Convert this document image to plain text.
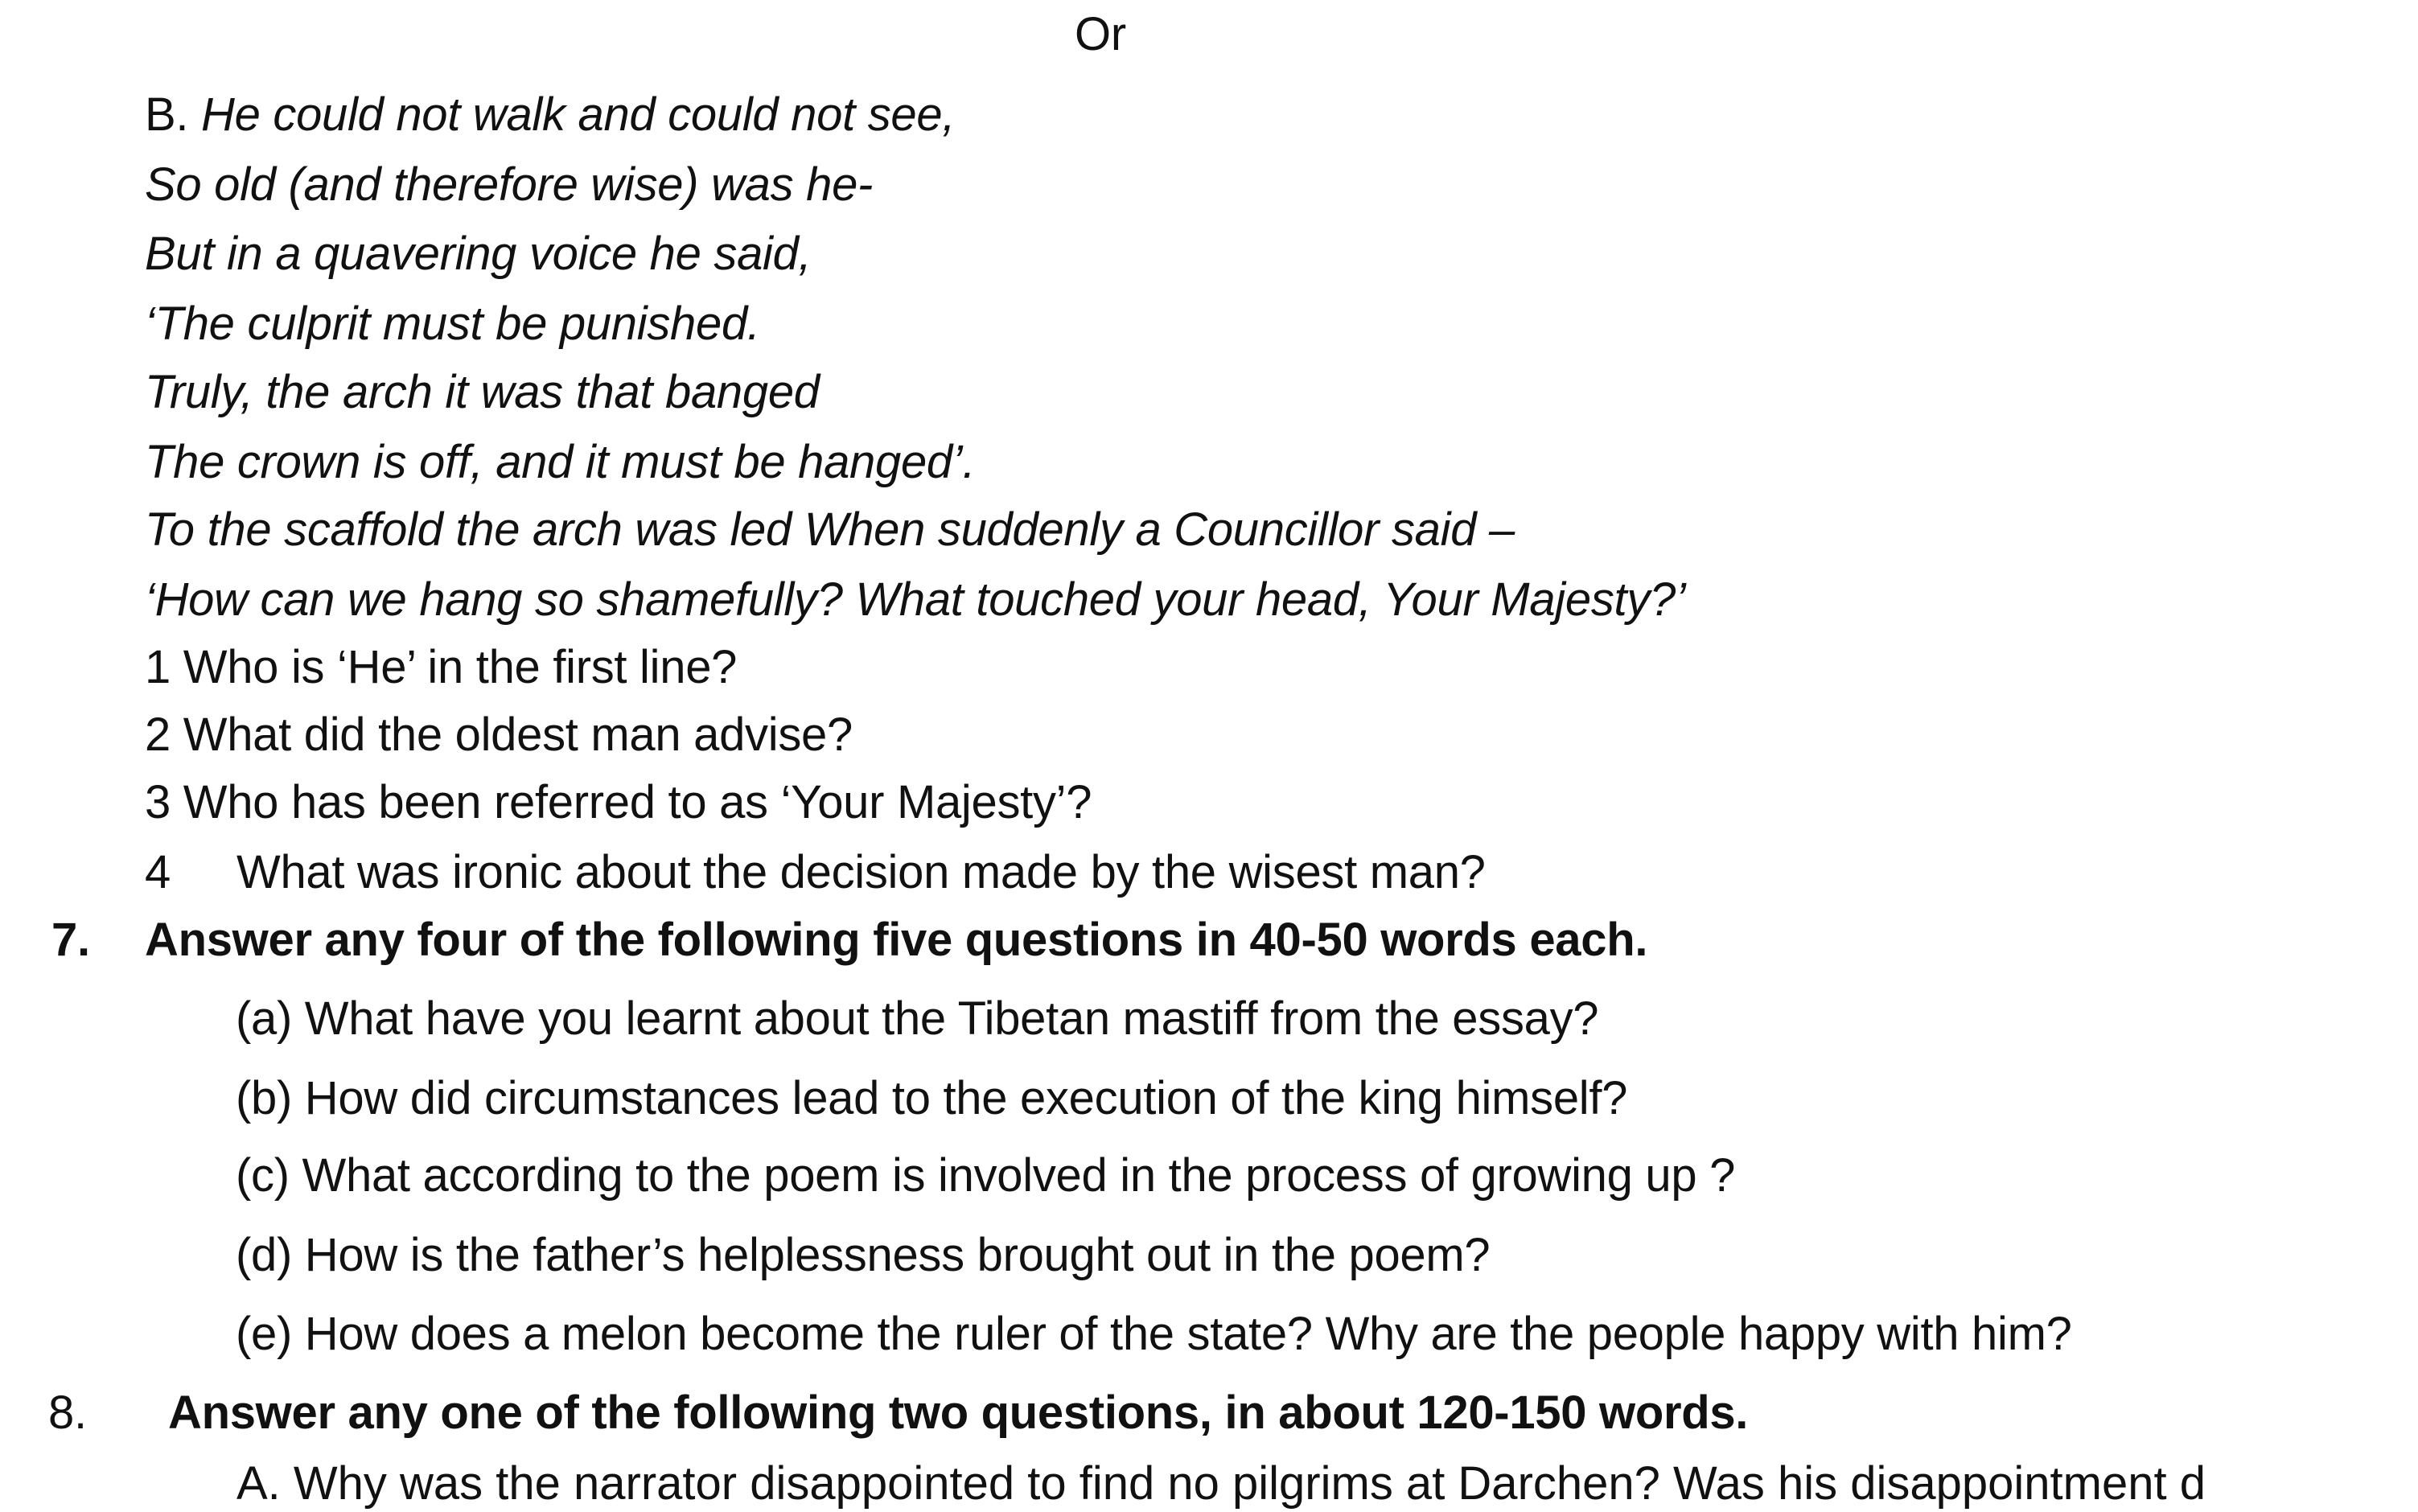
Or
B. He could not walk and could not see,
So old (and therefore wise) was he-
But in a quavering voice he said,
‘The culprit must be punished.
Truly, the arch it was that banged
The crown is off, and it must be hanged’.
To the scaffold the arch was led When suddenly a Councillor said –
‘How can we hang so shamefully? What touched your head, Your Majesty?’
1 Who is ‘He’ in the first line?
2 What did the oldest man advise?
3 Who has been referred to as ‘Your Majesty’?
4 What was ironic about the decision made by the wisest man?
7. Answer any four of the following five questions in 40-50 words each.
(a) What have you learnt about the Tibetan mastiff from the essay?
(b) How did circumstances lead to the execution of the king himself?
(c) What according to the poem is involved in the process of growing up ?
(d) How is the father’s helplessness brought out in the poem?
(e) How does a melon become the ruler of the state? Why are the people happy with him?
8. Answer any one of the following two questions, in about 120-150 words.
A. Why was the narrator disappointed to find no pilgrims at Darchen? Was his disappointment d
